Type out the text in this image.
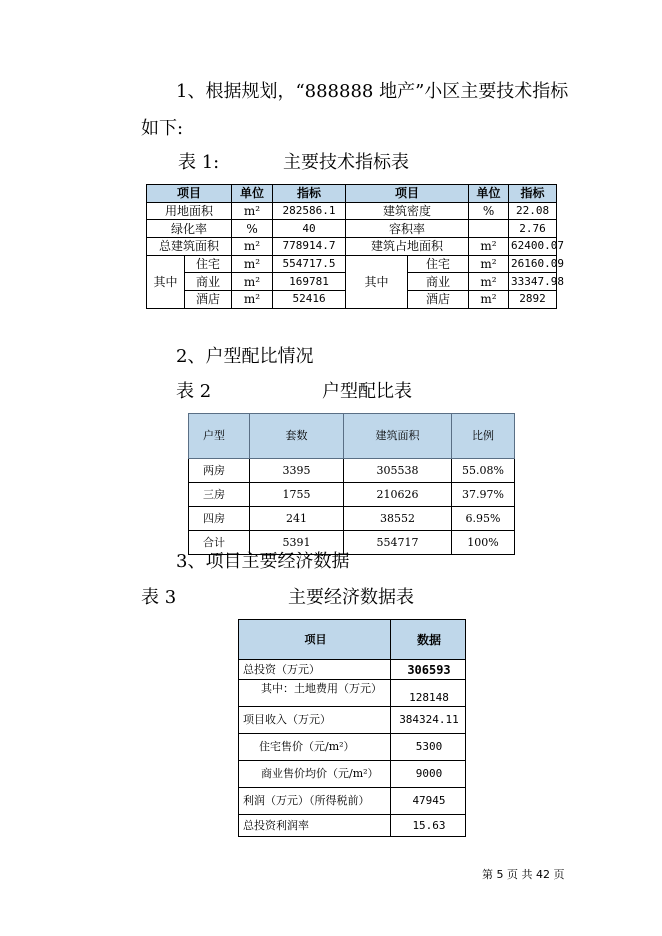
1、根据规划，“888888 地产”小区主要技术指标
如下:
表 1:	主要技术指标表
项目		单位	指标	项目		单位	指标
用地面积		m²	282586.1	建筑密度		%	22.08
绿化率		%	40	容积率			2.76
总建筑面积		m²	778914.7	建筑占地面积		m²	62400.07
其中	住宅	m²	554717.5	其中	住宅	m²	26160.09
	商业	m²	169781		商业	m²	33347.98
	酒店	m²	52416		酒店	m²	2892
2、户型配比情况
表 2	户型配比表
户型	套数	建筑面积	比例
两房	3395	305538	55.08%
三房	1755	210626	37.97%
四房	241	38552	6.95%
合计	5391	554717	100%
3、项目主要经济数据
表 3	主要经济数据表
项目	数据
总投资（万元）	306593
其中：土地费用（万元）	128148
项目收入（万元）	384324.11
住宅售价（元/m²）	5300
商业售价均价（元/m²）	9000
利润（万元）（所得税前）	47945
总投资利润率	15.63
第 5 页 共 42 页
